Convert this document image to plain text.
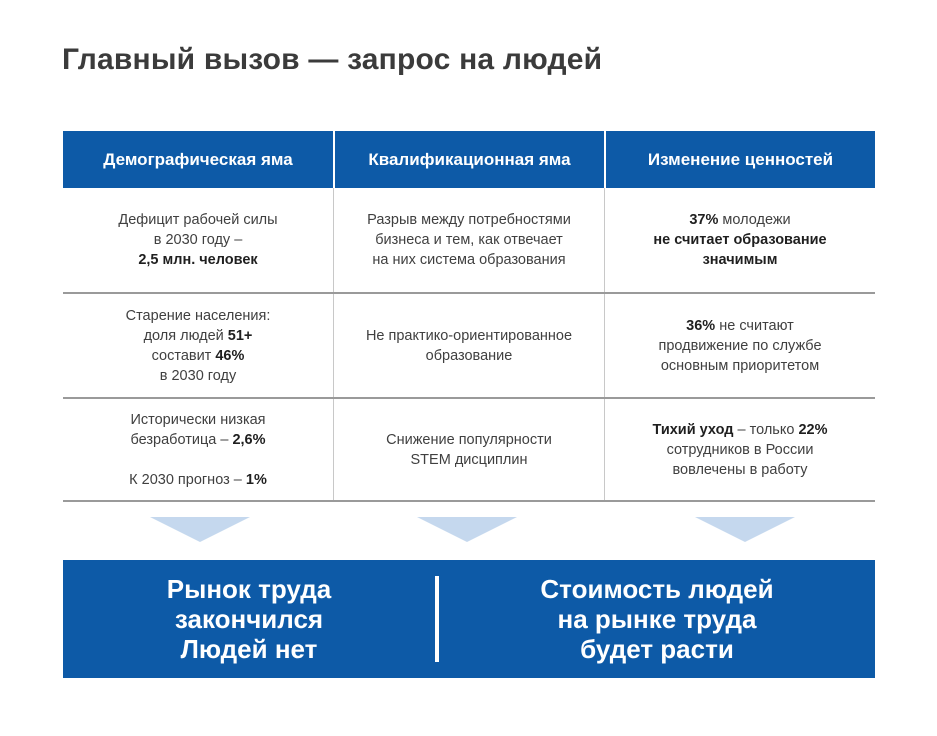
Главный вызов — запрос на людей
Демографическая яма	Квалификационная яма	Изменение ценностей
Дефицит рабочей силы
в 2030 году –
2,5 млн. человек
Разрыв между потребностями
бизнеса и тем, как отвечает
на них система образования
37% молодежи
не считает образование
значимым
Старение населения:
доля людей 51+
составит 46%
в 2030 году
Не практико-ориентированное
образование
36% не считают
продвижение по службе
основным приоритетом
Исторически низкая
безработица – 2,6%
К 2030 прогноз – 1%
Снижение популярности
STEM дисциплин
Тихий уход – только 22%
сотрудников в России
вовлечены в работу
Рынок труда
закончился
Людей нет
Стоимость людей
на рынке труда
будет расти
